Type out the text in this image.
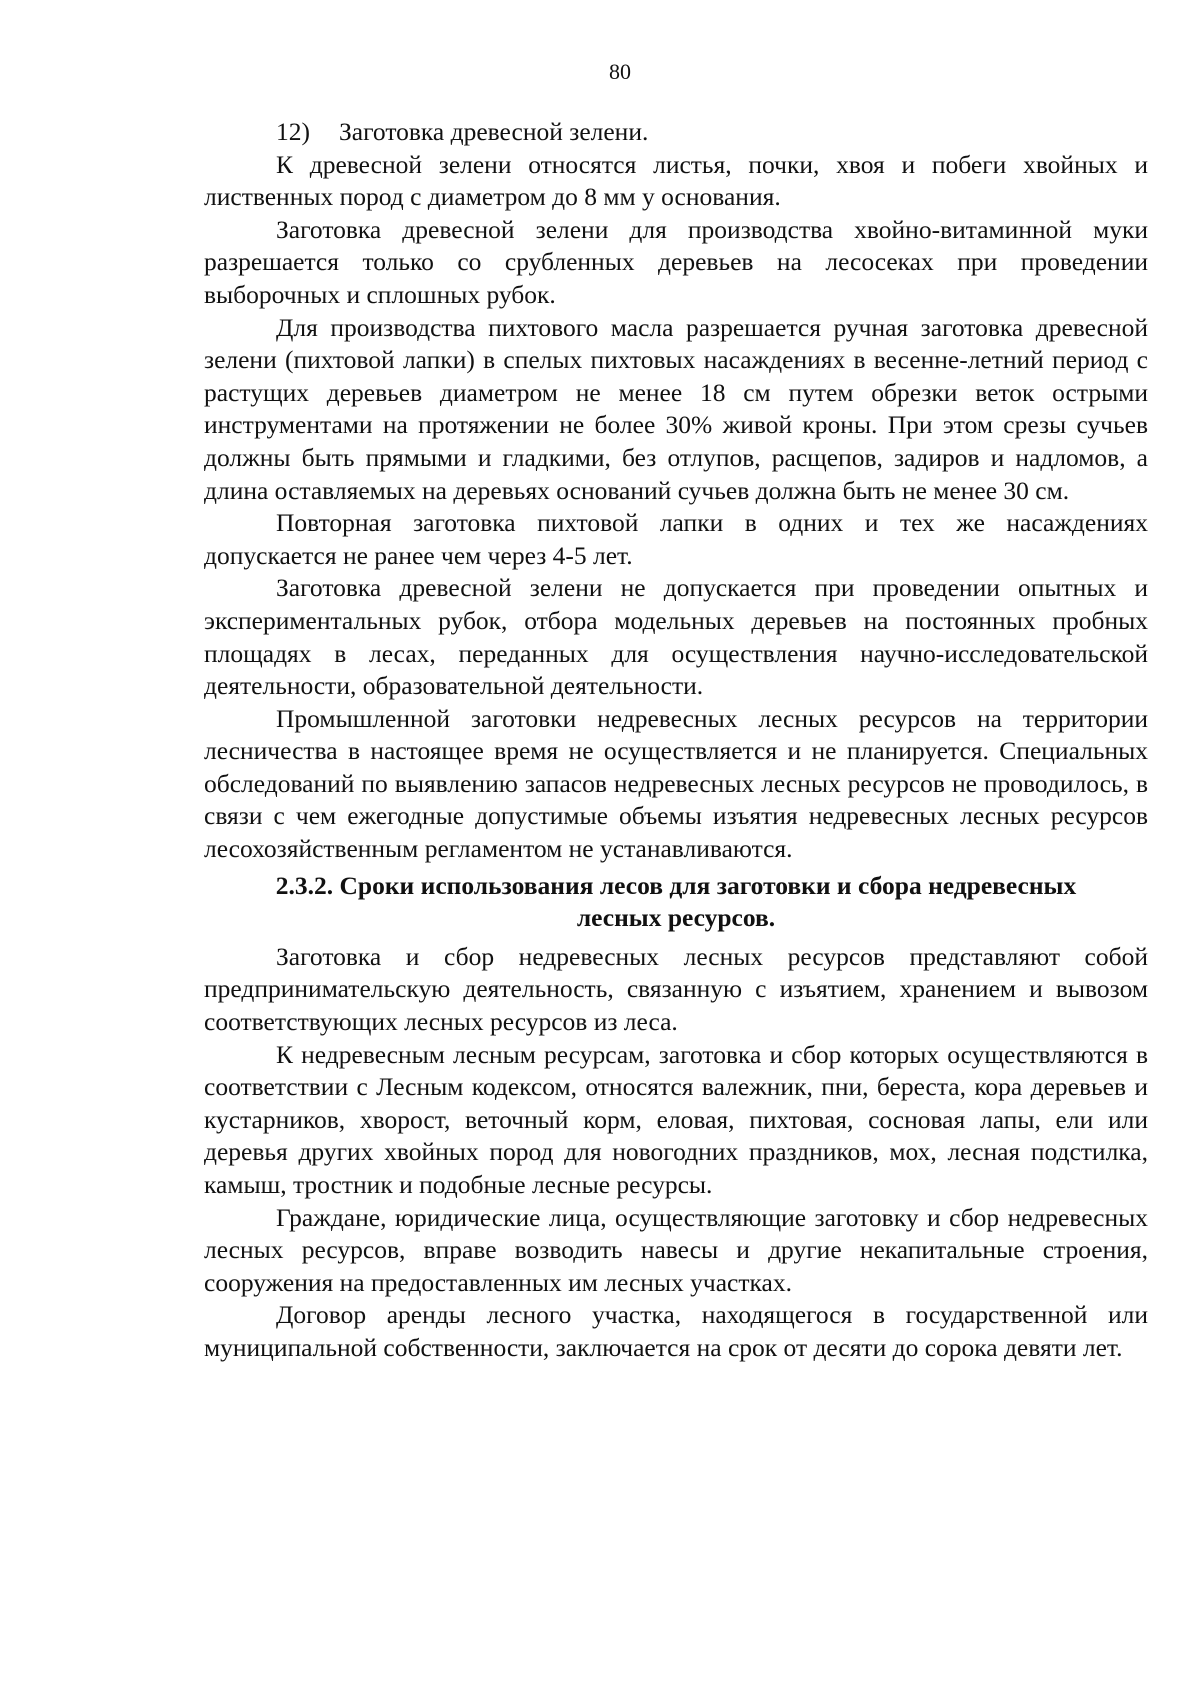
80

12) Заготовка древесной зелени.

К древесной зелени относятся листья, почки, хвоя и побеги хвойных и лиственных пород с диаметром до 8 мм у основания.

Заготовка древесной зелени для производства хвойно-витаминной муки разрешается только со срубленных деревьев на лесосеках при проведении выборочных и сплошных рубок.

Для производства пихтового масла разрешается ручная заготовка древесной зелени (пихтовой лапки) в спелых пихтовых насаждениях в весенне-летний период с растущих деревьев диаметром не менее 18 см путем обрезки веток острыми инструментами на протяжении не более 30% живой кроны. При этом срезы сучьев должны быть прямыми и гладкими, без отлупов, расщепов, задиров и надломов, а длина оставляемых на деревьях оснований сучьев должна быть не менее 30 см.

Повторная заготовка пихтовой лапки в одних и тех же насаждениях допускается не ранее чем через 4-5 лет.

Заготовка древесной зелени не допускается при проведении опытных и экспериментальных рубок, отбора модельных деревьев на постоянных пробных площадях в лесах, переданных для осуществления научно-исследовательской деятельности, образовательной деятельности.

Промышленной заготовки недревесных лесных ресурсов на территории лесничества в настоящее время не осуществляется и не планируется. Специальных обследований по выявлению запасов недревесных лесных ресурсов не проводилось, в связи с чем ежегодные допустимые объемы изъятия недревесных лесных ресурсов лесохозяйственным регламентом не устанавливаются.

2.3.2. Сроки использования лесов для заготовки и сбора недревесных
лесных ресурсов.

Заготовка и сбор недревесных лесных ресурсов представляют собой предпринимательскую деятельность, связанную с изъятием, хранением и вывозом соответствующих лесных ресурсов из леса.

К недревесным лесным ресурсам, заготовка и сбор которых осуществляются в соответствии с Лесным кодексом, относятся валежник, пни, береста, кора деревьев и кустарников, хворост, веточный корм, еловая, пихтовая, сосновая лапы, ели или деревья других хвойных пород для новогодних праздников, мох, лесная подстилка, камыш, тростник и подобные лесные ресурсы.

Граждане, юридические лица, осуществляющие заготовку и сбор недревесных лесных ресурсов, вправе возводить навесы и другие некапитальные строения, сооружения на предоставленных им лесных участках.

Договор аренды лесного участка, находящегося в государственной или муниципальной собственности, заключается на срок от десяти до сорока девяти лет.
